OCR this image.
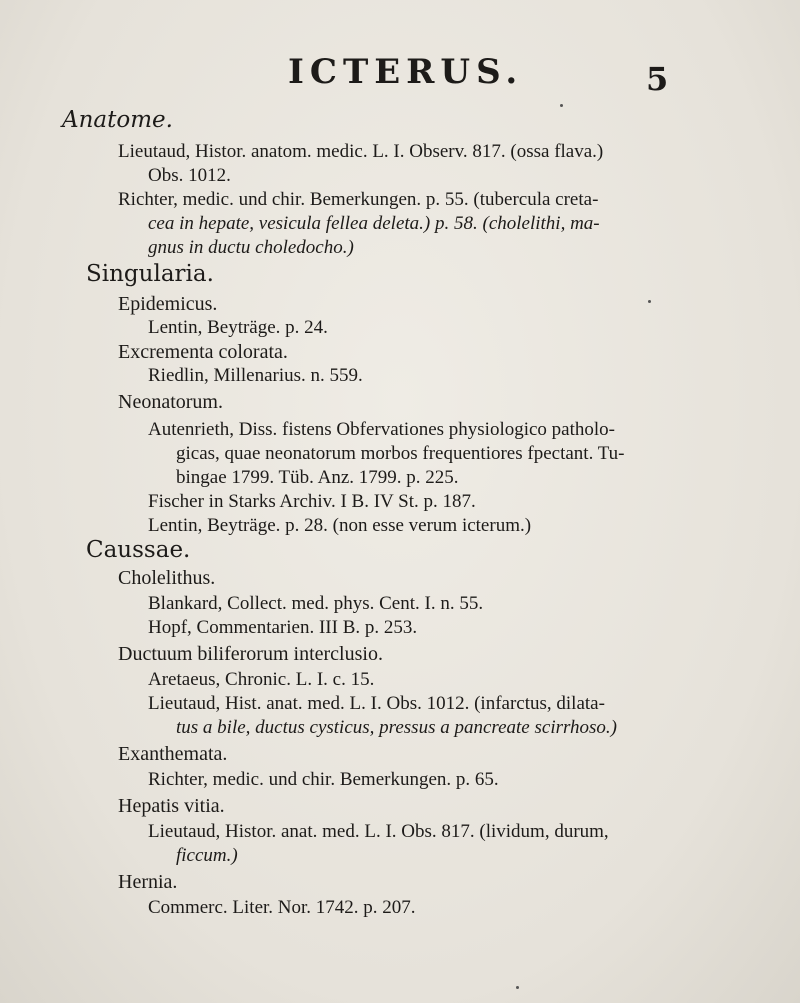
ICTERUS.	5
Anatome.
Lieutaud, Histor. anatom. medic. L. I. Observ. 817. (ossa flava.)
Obs. 1012.
Richter, medic. und chir. Bemerkungen. p. 55. (tubercula creta-
cea in hepate, vesicula fellea deleta.) p. 58. (cholelithi, ma-
gnus in ductu choledocho.)
Singularia.
Epidemicus.
Lentin, Beyträge. p. 24.
Excrementa colorata.
Riedlin, Millenarius. n. 559.
Neonatorum.
Autenrieth, Diss. fistens Obfervationes physiologico patholo-
gicas, quae neonatorum morbos frequentiores fpectant. Tu-
bingae 1799. Tüb. Anz. 1799. p. 225.
Fischer in Starks Archiv. I B. IV St. p. 187.
Lentin, Beyträge. p. 28. (non esse verum icterum.)
Caussae.
Cholelithus.
Blankard, Collect. med. phys. Cent. I. n. 55.
Hopf, Commentarien. III B. p. 253.
Ductuum biliferorum interclusio.
Aretaeus, Chronic. L. I. c. 15.
Lieutaud, Hist. anat. med. L. I. Obs. 1012. (infarctus, dilata-
tus a bile, ductus cysticus, pressus a pancreate scirrhoso.)
Exanthemata.
Richter, medic. und chir. Bemerkungen. p. 65.
Hepatis vitia.
Lieutaud, Histor. anat. med. L. I. Obs. 817. (lividum, durum,
ficcum.)
Hernia.
Commerc. Liter. Nor. 1742. p. 207.
